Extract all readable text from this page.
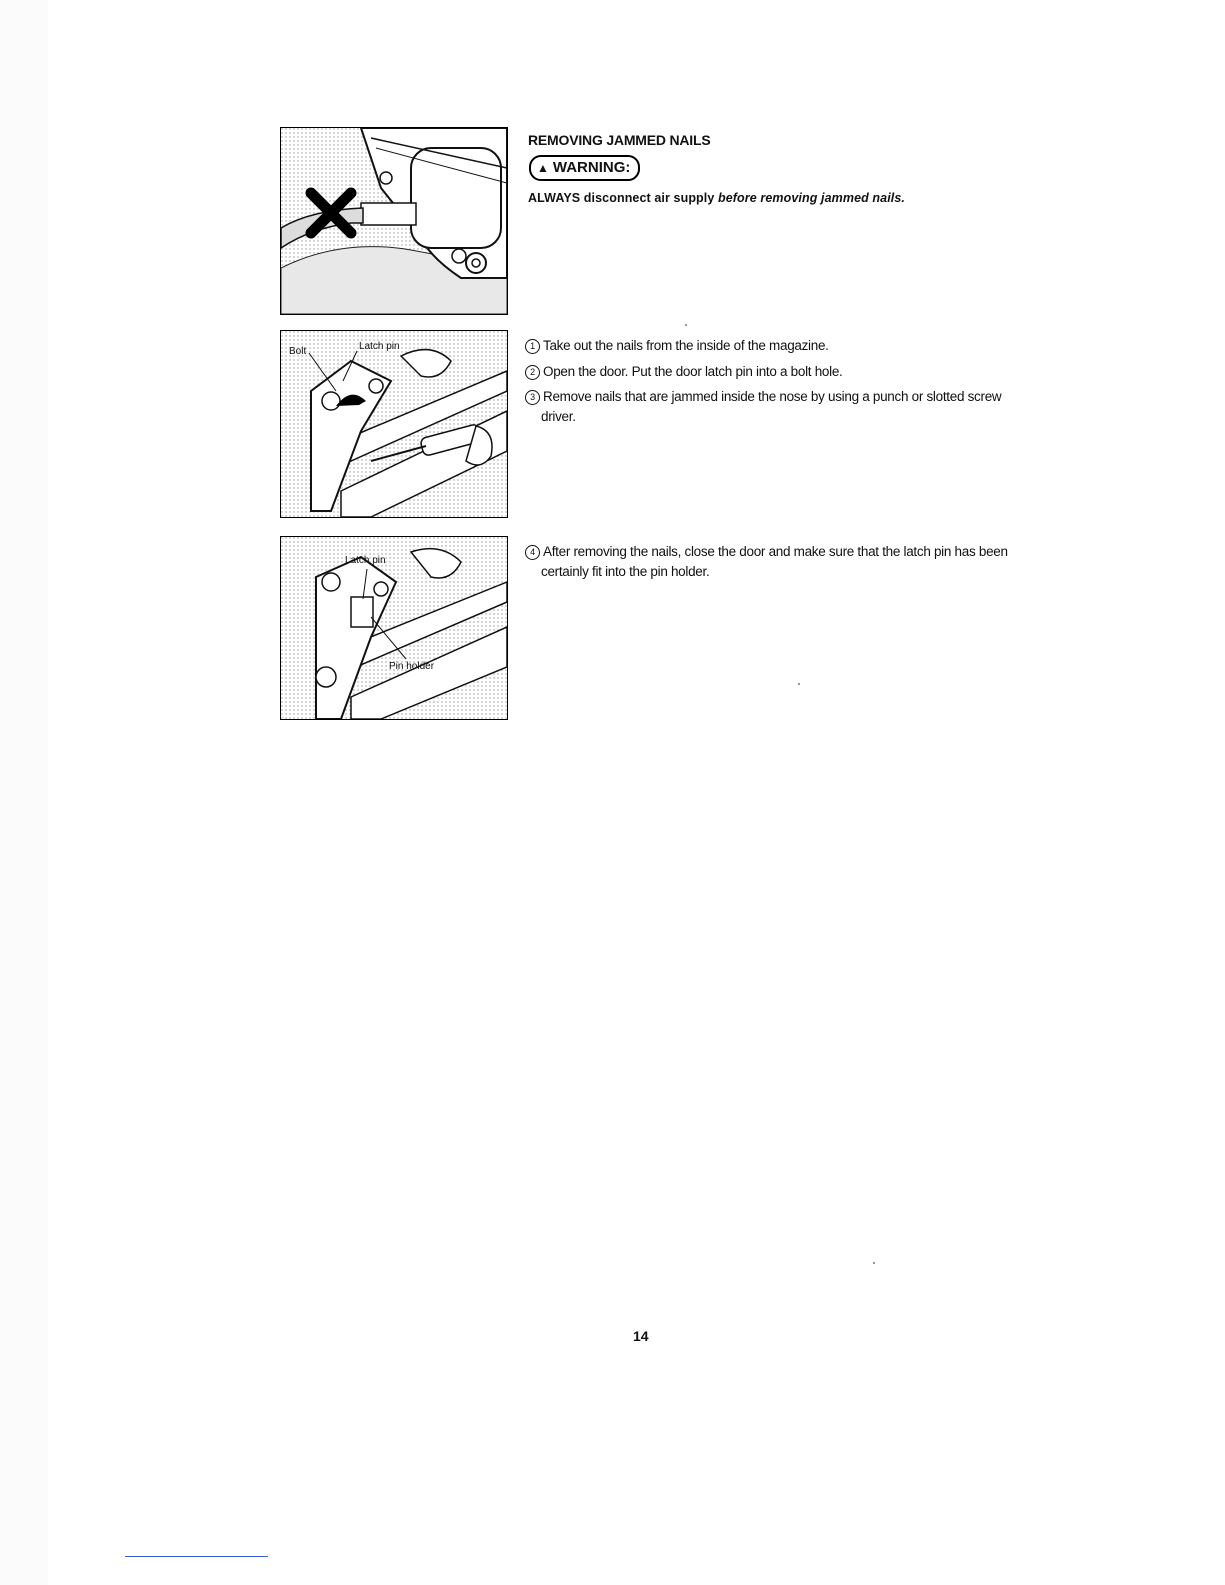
Bolt	Latch pin
Latch pin
Pin holder
REMOVING JAMMED NAILS
▲ WARNING:
ALWAYS disconnect air supply before removing jammed nails.
1 Take out the nails from the inside of the magazine.
2 Open the door. Put the door latch pin into a bolt hole.
3 Remove nails that are jammed inside the nose by using a punch or slotted screw
driver.
4 After removing the nails, close the door and make sure that the latch pin has been
certainly fit into the pin holder.
14
